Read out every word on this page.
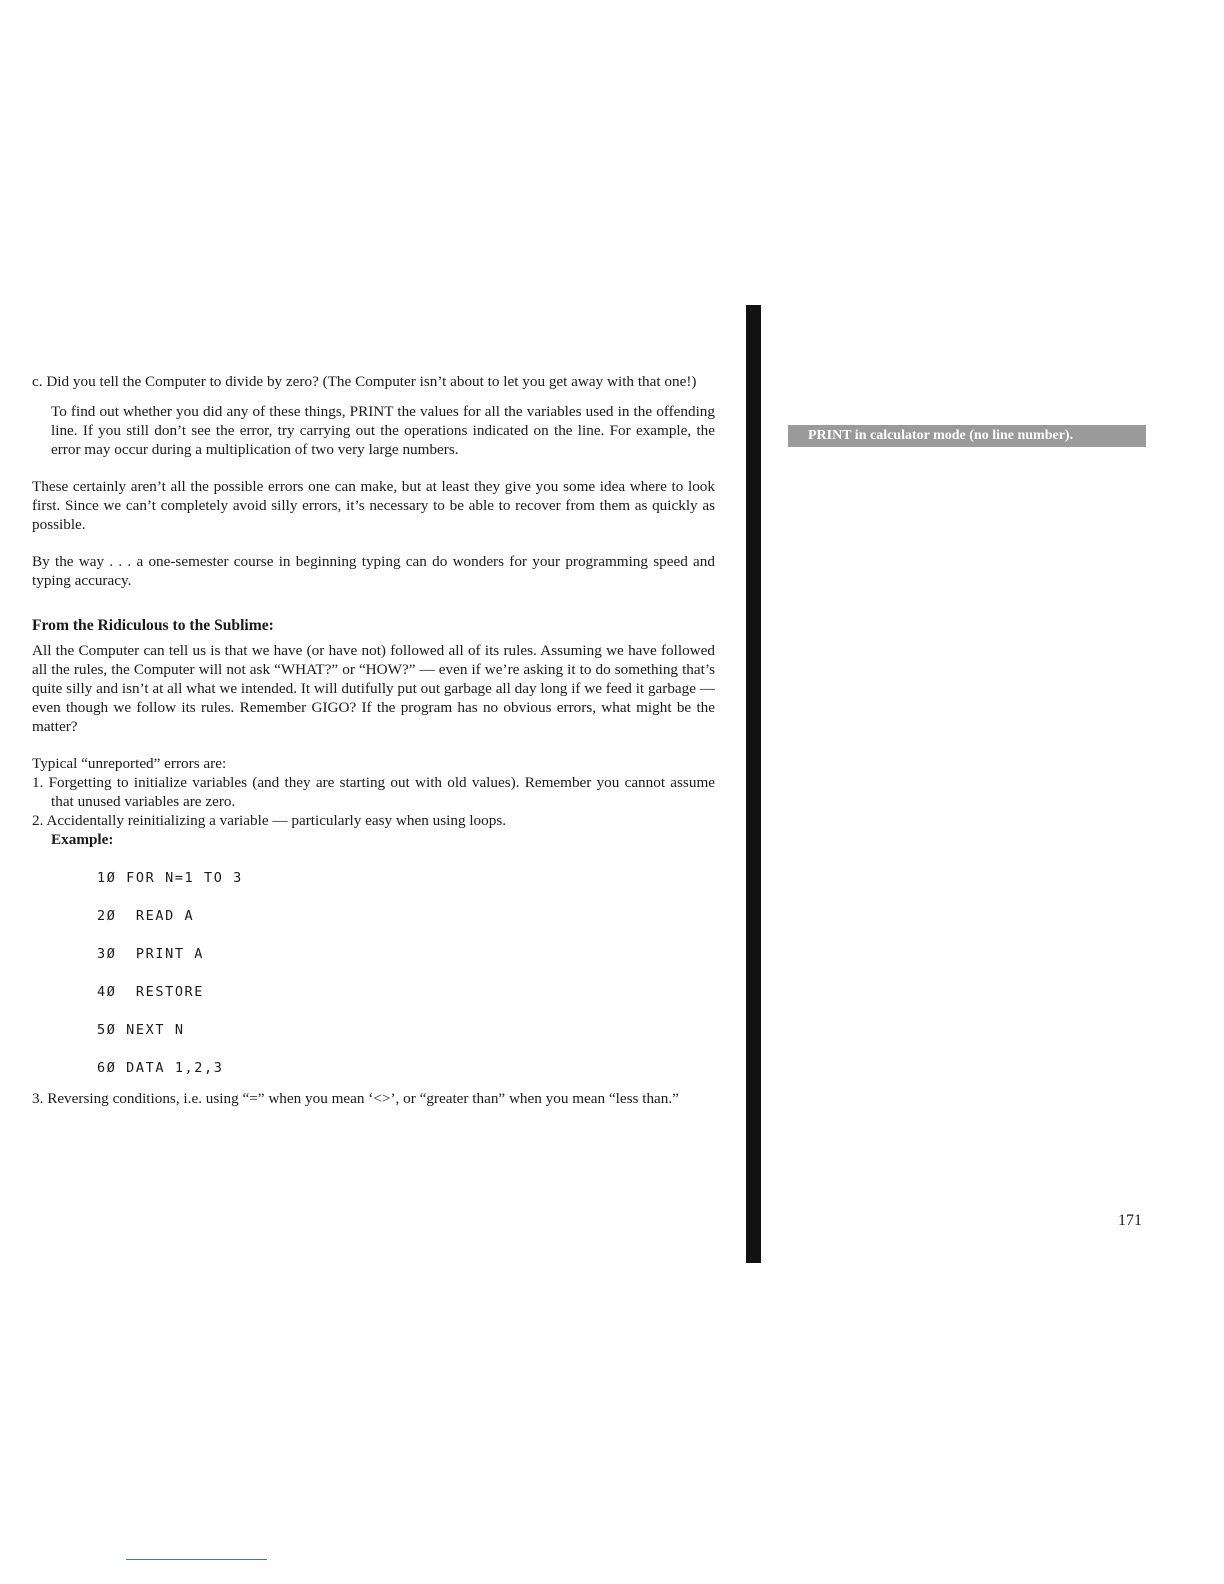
c. Did you tell the Computer to divide by zero? (The Computer isn’t about to let you get away with that one!)

To find out whether you did any of these things, PRINT the values for all the variables used in the offending line. If you still don’t see the error, try carrying out the operations indicated on the line. For example, the error may occur during a multiplication of two very large numbers.

These certainly aren’t all the possible errors one can make, but at least they give you some idea where to look first. Since we can’t completely avoid silly errors, it’s necessary to be able to recover from them as quickly as possible.

By the way . . . a one-semester course in beginning typing can do wonders for your programming speed and typing accuracy.

From the Ridiculous to the Sublime:

All the Computer can tell us is that we have (or have not) followed all of its rules. Assuming we have followed all the rules, the Computer will not ask “WHAT?” or “HOW?” — even if we’re asking it to do something that’s quite silly and isn’t at all what we intended. It will dutifully put out garbage all day long if we feed it garbage — even though we follow its rules. Remember GIGO? If the program has no obvious errors, what might be the matter?

Typical “unreported” errors are:

1. Forgetting to initialize variables (and they are starting out with old values). Remember you cannot assume that unused variables are zero.

2. Accidentally reinitializing a variable — particularly easy when using loops.

Example:

1Ø FOR N=1 TO 3
2Ø  READ A
3Ø  PRINT A
4Ø  RESTORE
5Ø NEXT N
6Ø DATA 1,2,3

3. Reversing conditions, i.e. using “=” when you mean ‘<>’, or “greater than” when you mean “less than.”

PRINT in calculator mode (no line number).
171
